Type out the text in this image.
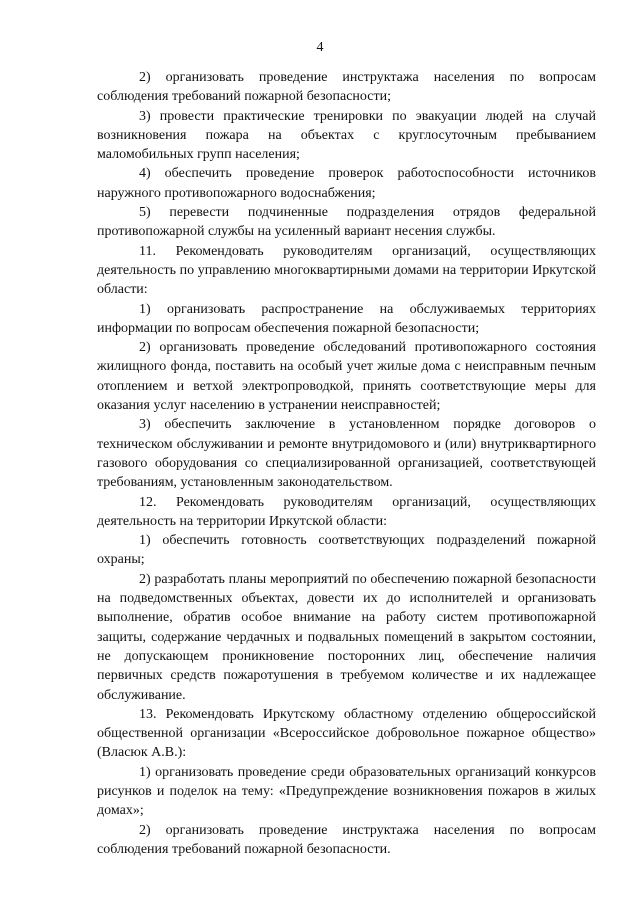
4

2) организовать проведение инструктажа населения по вопросам соблюдения требований пожарной безопасности;

3) провести практические тренировки по эвакуации людей на случай возникновения пожара на объектах с круглосуточным пребыванием маломобильных групп населения;

4) обеспечить проведение проверок работоспособности источников наружного противопожарного водоснабжения;

5) перевести подчиненные подразделения отрядов федеральной противопожарной службы на усиленный вариант несения службы.

11. Рекомендовать руководителям организаций, осуществляющих деятельность по управлению многоквартирными домами на территории Иркутской области:

1) организовать распространение на обслуживаемых территориях информации по вопросам обеспечения пожарной безопасности;

2) организовать проведение обследований противопожарного состояния жилищного фонда, поставить на особый учет жилые дома с неисправным печным отоплением и ветхой электропроводкой, принять соответствующие меры для оказания услуг населению в устранении неисправностей;

3) обеспечить заключение в установленном порядке договоров о техническом обслуживании и ремонте внутридомового и (или) внутриквартирного газового оборудования со специализированной организацией, соответствующей требованиям, установленным законодательством.

12. Рекомендовать руководителям организаций, осуществляющих деятельность на территории Иркутской области:

1) обеспечить готовность соответствующих подразделений пожарной охраны;

2) разработать планы мероприятий по обеспечению пожарной безопасности на подведомственных объектах, довести их до исполнителей и организовать выполнение, обратив особое внимание на работу систем противопожарной защиты, содержание чердачных и подвальных помещений в закрытом состоянии, не допускающем проникновение посторонних лиц, обеспечение наличия первичных средств пожаротушения в требуемом количестве и их надлежащее обслуживание.

13. Рекомендовать Иркутскому областному отделению общероссийской общественной организации «Всероссийское добровольное пожарное общество» (Власюк А.В.):

1) организовать проведение среди образовательных организаций конкурсов рисунков и поделок на тему: «Предупреждение возникновения пожаров в жилых домах»;

2) организовать проведение инструктажа населения по вопросам соблюдения требований пожарной безопасности.
